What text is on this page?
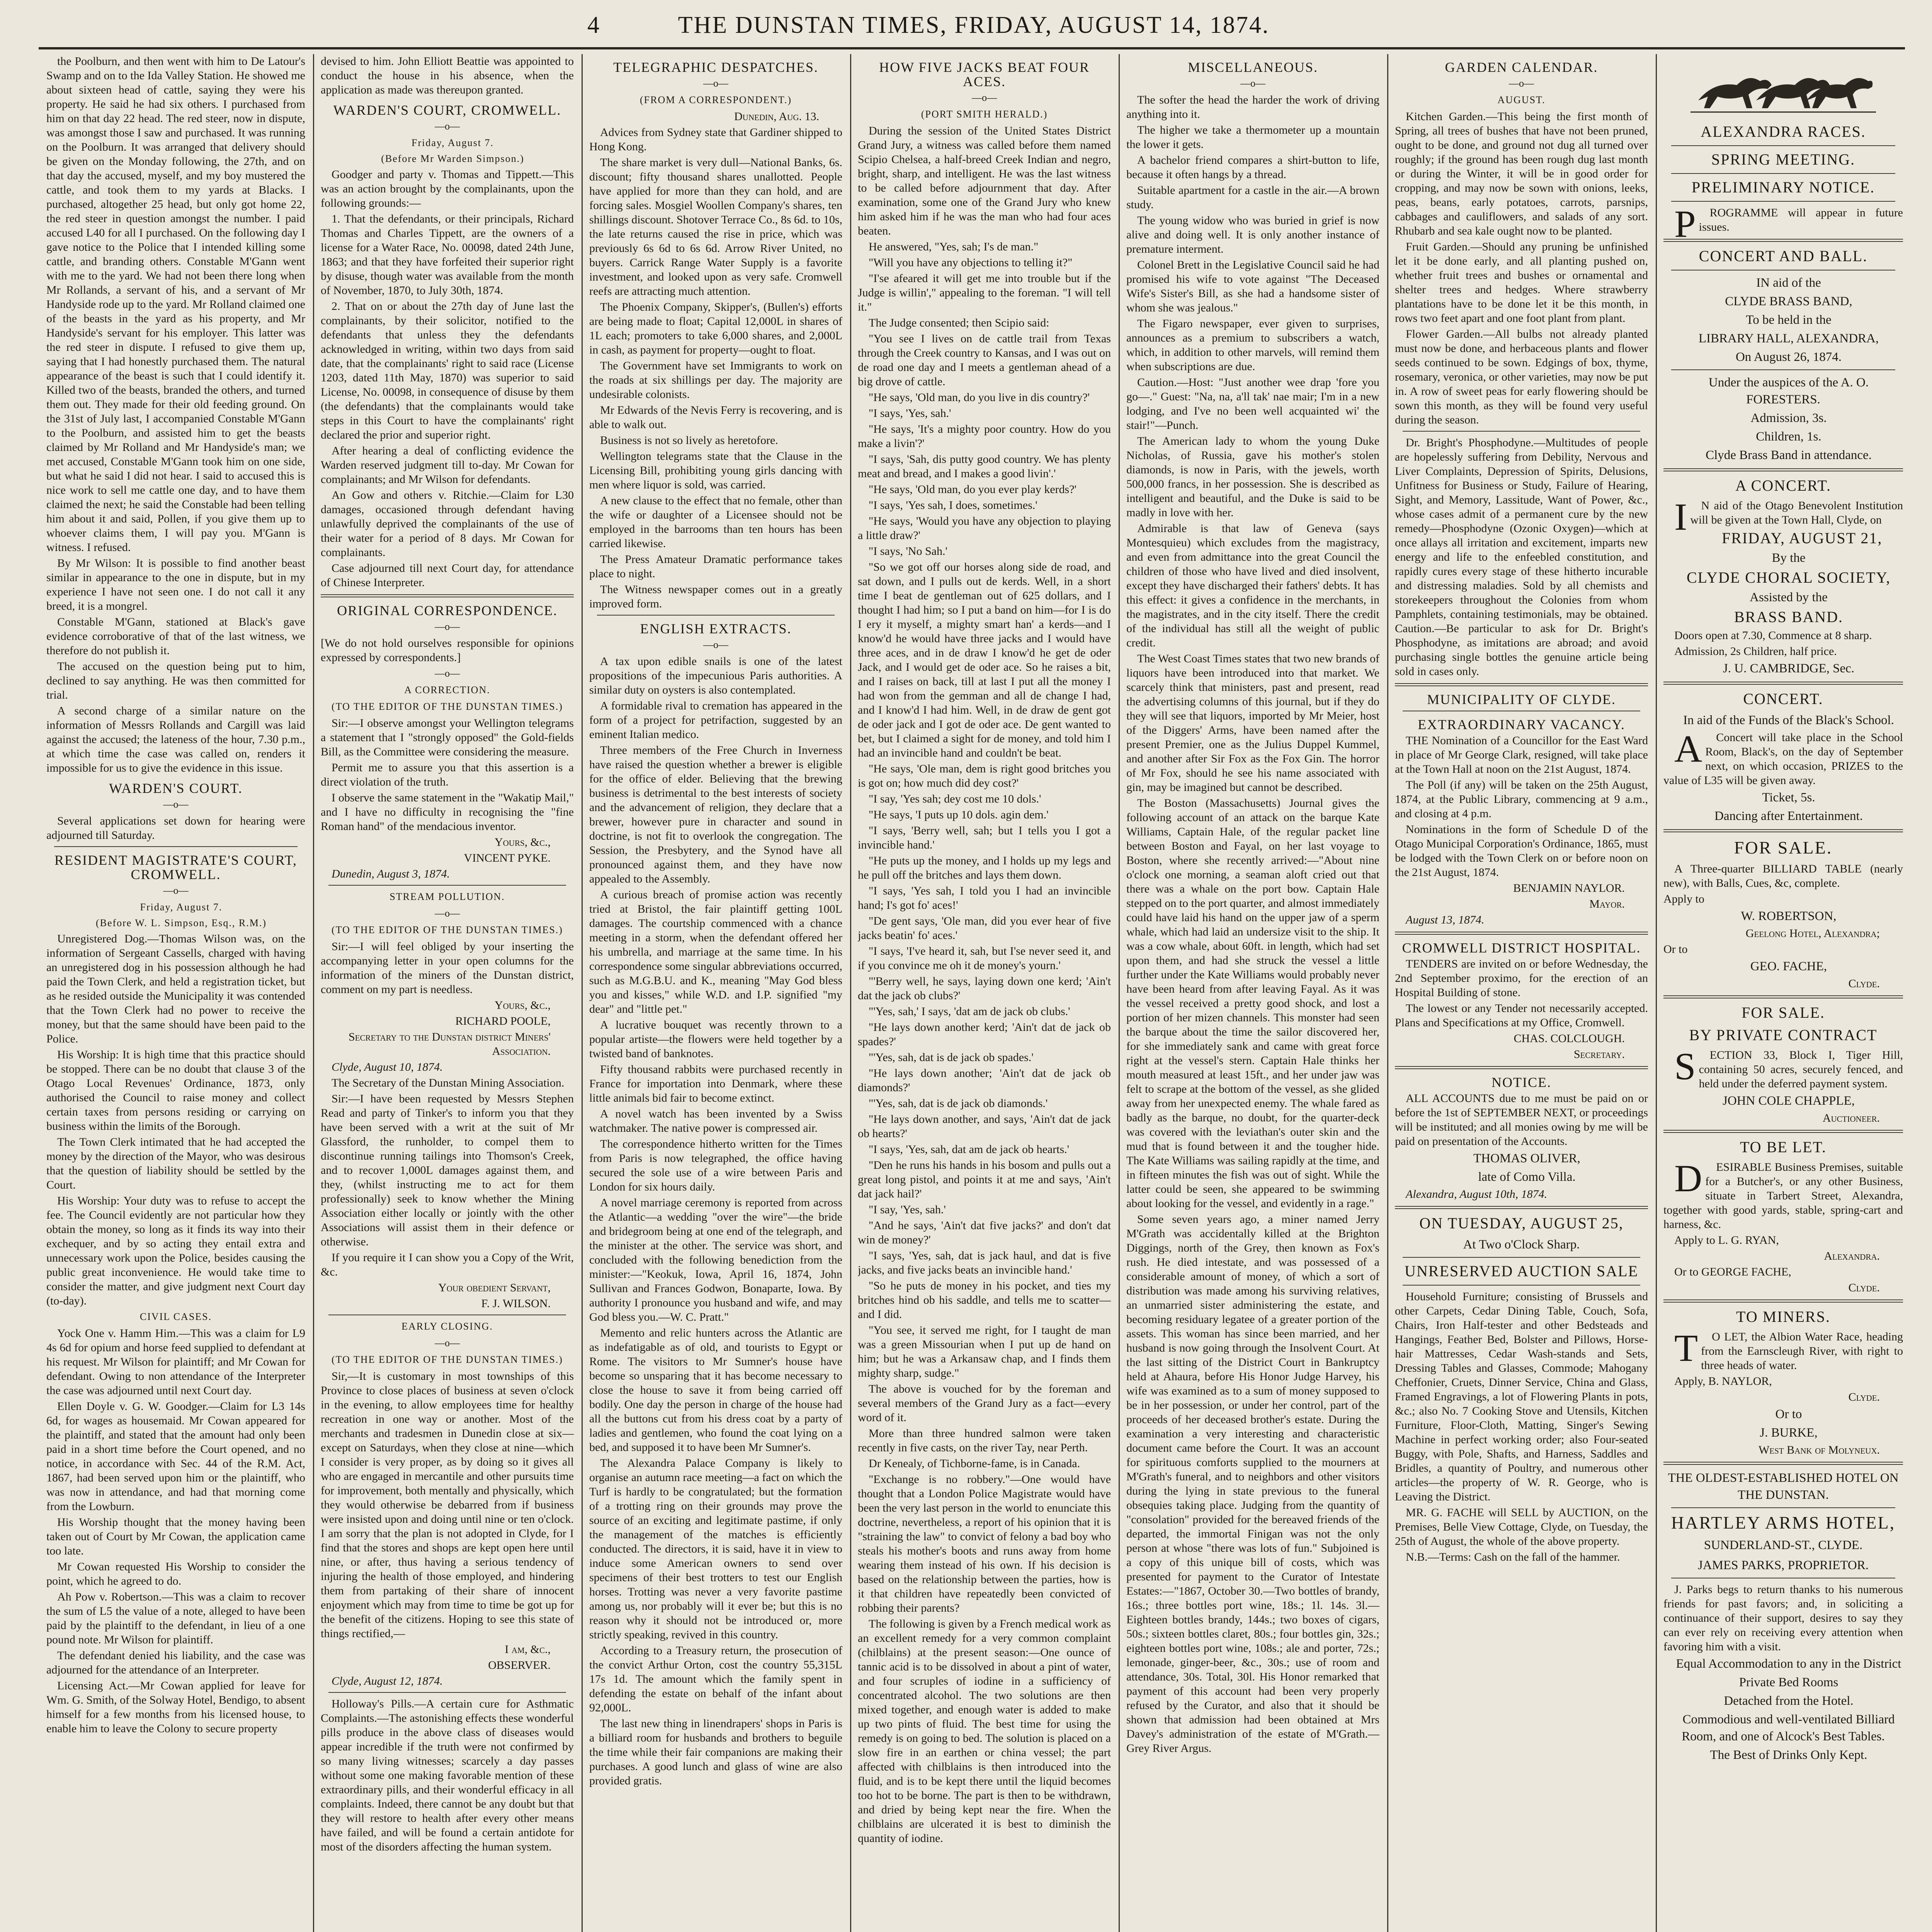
4	THE DUNSTAN TIMES, FRIDAY, AUGUST 14, 1874.

the Poolburn, and then went with him to De Latour's Swamp and on to the Ida Valley Station. He showed me about sixteen head of cattle, saying they were his property. He said he had six others. I purchased from him on that day 22 head. The red steer, now in dispute, was amongst those I saw and purchased. It was running on the Poolburn. It was arranged that delivery should be given on the Monday following, the 27th, and on that day the accused, myself, and my boy mustered the cattle, and took them to my yards at Blacks. I purchased, altogether 25 head, but only got home 22, the red steer in question amongst the number. I paid accused L40 for all I purchased. On the following day I gave notice to the Police that I intended killing some cattle, and branding others. Constable M'Gann went with me to the yard. We had not been there long when Mr Rollands, a servant of his, and a servant of Mr Handyside rode up to the yard. Mr Rolland claimed one of the beasts in the yard as his property, and Mr Handyside's servant for his employer. This latter was the red steer in dispute. I refused to give them up, saying that I had honestly purchased them. The natural appearance of the beast is such that I could identify it. Killed two of the beasts, branded the others, and turned them out. They made for their old feeding ground. On the 31st of July last, I accompanied Constable M'Gann to the Poolburn, and assisted him to get the beasts claimed by Mr Rolland and Mr Handyside's man; we met accused, Constable M'Gann took him on one side, but what he said I did not hear. I said to accused this is nice work to sell me cattle one day, and to have them claimed the next; he said the Constable had been telling him about it and said, Pollen, if you give them up to whoever claims them, I will pay you. M'Gann is witness. I refused.

By Mr Wilson: It is possible to find another beast similar in appearance to the one in dispute, but in my experience I have not seen one. I do not call it any breed, it is a mongrel.

Constable M'Gann, stationed at Black's gave evidence corroborative of that of the last witness, we therefore do not publish it.

The accused on the question being put to him, declined to say anything. He was then committed for trial.

A second charge of a similar nature on the information of Messrs Rollands and Cargill was laid against the accused; the lateness of the hour, 7.30 p.m., at which time the case was called on, renders it impossible for us to give the evidence in this issue.

WARDEN'S COURT.
—o—

Several applications set down for hearing were adjourned till Saturday.

RESIDENT MAGISTRATE'S COURT, CROMWELL.
—o—

Friday, August 7.

(Before W. L. Simpson, Esq., R.M.)

Unregistered Dog.—Thomas Wilson was, on the information of Sergeant Cassells, charged with having an unregistered dog in his possession although he had paid the Town Clerk, and held a registration ticket, but as he resided outside the Municipality it was contended that the Town Clerk had no power to receive the money, but that the same should have been paid to the Police.

His Worship: It is high time that this practice should be stopped. There can be no doubt that clause 3 of the Otago Local Revenues' Ordinance, 1873, only authorised the Council to raise money and collect certain taxes from persons residing or carrying on business within the limits of the Borough.

The Town Clerk intimated that he had accepted the money by the direction of the Mayor, who was desirous that the question of liability should be settled by the Court.

His Worship: Your duty was to refuse to accept the fee. The Council evidently are not particular how they obtain the money, so long as it finds its way into their exchequer, and by so acting they entail extra and unnecessary work upon the Police, besides causing the public great inconvenience. He would take time to consider the matter, and give judgment next Court day (to-day).

CIVIL CASES.

Yock One v. Hamm Him.—This was a claim for L9 4s 6d for opium and horse feed supplied to defendant at his request. Mr Wilson for plaintiff; and Mr Cowan for defendant. Owing to non attendance of the Interpreter the case was adjourned until next Court day.

Ellen Doyle v. G. W. Goodger.—Claim for L3 14s 6d, for wages as housemaid. Mr Cowan appeared for the plaintiff, and stated that the amount had only been paid in a short time before the Court opened, and no notice, in accordance with Sec. 44 of the R.M. Act, 1867, had been served upon him or the plaintiff, who was now in attendance, and had that morning come from the Lowburn.

His Worship thought that the money having been taken out of Court by Mr Cowan, the application came too late.

Mr Cowan requested His Worship to consider the point, which he agreed to do.

Ah Pow v. Robertson.—This was a claim to recover the sum of L5 the value of a note, alleged to have been paid by the plaintiff to the defendant, in lieu of a one pound note. Mr Wilson for plaintiff.

The defendant denied his liability, and the case was adjourned for the attendance of an Interpreter.

Licensing Act.—Mr Cowan applied for leave for Wm. G. Smith, of the Solway Hotel, Bendigo, to absent himself for a few months from his licensed house, to enable him to leave the Colony to secure property

devised to him. John Elliott Beattie was appointed to conduct the house in his absence, when the application as made was thereupon granted.

WARDEN'S COURT, CROMWELL.
—o—

Friday, August 7.

(Before Mr Warden Simpson.)

Goodger and party v. Thomas and Tippett.—This was an action brought by the complainants, upon the following grounds:—

1. That the defendants, or their principals, Richard Thomas and Charles Tippett, are the owners of a license for a Water Race, No. 00098, dated 24th June, 1863; and that they have forfeited their superior right by disuse, though water was available from the month of November, 1870, to July 30th, 1874.

2. That on or about the 27th day of June last the complainants, by their solicitor, notified to the defendants that unless they the defendants acknowledged in writing, within two days from said date, that the complainants' right to said race (License 1203, dated 11th May, 1870) was superior to said License, No. 00098, in consequence of disuse by them (the defendants) that the complainants would take steps in this Court to have the complainants' right declared the prior and superior right.

After hearing a deal of conflicting evidence the Warden reserved judgment till to-day. Mr Cowan for complainants; and Mr Wilson for defendants.

An Gow and others v. Ritchie.—Claim for L30 damages, occasioned through defendant having unlawfully deprived the complainants of the use of their water for a period of 8 days. Mr Cowan for complainants.

Case adjourned till next Court day, for attendance of Chinese Interpreter.

ORIGINAL CORRESPONDENCE.
—o—

[We do not hold ourselves responsible for opinions expressed by correspondents.]

—o—
A CORRECTION.
(TO THE EDITOR OF THE DUNSTAN TIMES.)

Sir:—I observe amongst your Wellington telegrams a statement that I "strongly opposed" the Gold-fields Bill, as the Committee were considering the measure.

Permit me to assure you that this assertion is a direct violation of the truth.

I observe the same statement in the "Wakatip Mail," and I have no difficulty in recognising the "fine Roman hand" of the mendacious inventor.

Yours, &c.,

VINCENT PYKE.

Dunedin, August 3, 1874.

STREAM POLLUTION.
—o—
(TO THE EDITOR OF THE DUNSTAN TIMES.)

Sir:—I will feel obliged by your inserting the accompanying letter in your open columns for the information of the miners of the Dunstan district, comment on my part is needless.

Yours, &c.,

RICHARD POOLE,

Secretary to the Dunstan district Miners' Association.

Clyde, August 10, 1874.

The Secretary of the Dunstan Mining Association.

Sir:—I have been requested by Messrs Stephen Read and party of Tinker's to inform you that they have been served with a writ at the suit of Mr Glassford, the runholder, to compel them to discontinue running tailings into Thomson's Creek, and to recover 1,000L damages against them, and they, (whilst instructing me to act for them professionally) seek to know whether the Mining Association either locally or jointly with the other Associations will assist them in their defence or otherwise.

If you require it I can show you a Copy of the Writ, &c.

Your obedient Servant,

F. J. WILSON.

EARLY CLOSING.
—o—
(TO THE EDITOR OF THE DUNSTAN TIMES.)

Sir,—It is customary in most townships of this Province to close places of business at seven o'clock in the evening, to allow employees time for healthy recreation in one way or another. Most of the merchants and tradesmen in Dunedin close at six—except on Saturdays, when they close at nine—which I consider is very proper, as by doing so it gives all who are engaged in mercantile and other pursuits time for improvement, both mentally and physically, which they would otherwise be debarred from if business were insisted upon and doing until nine or ten o'clock. I am sorry that the plan is not adopted in Clyde, for I find that the stores and shops are kept open here until nine, or after, thus having a serious tendency of injuring the health of those employed, and hindering them from partaking of their share of innocent enjoyment which may from time to time be got up for the benefit of the citizens. Hoping to see this state of things rectified,—

I am, &c.,

OBSERVER.

Clyde, August 12, 1874.

Holloway's Pills.—A certain cure for Asthmatic Complaints.—The astonishing effects these wonderful pills produce in the above class of diseases would appear incredible if the truth were not confirmed by so many living witnesses; scarcely a day passes without some one making favorable mention of these extraordinary pills, and their wonderful efficacy in all complaints. Indeed, there cannot be any doubt but that they will restore to health after every other means have failed, and will be found a certain antidote for most of the disorders affecting the human system.

TELEGRAPHIC DESPATCHES.
—o—
(FROM A CORRESPONDENT.)

Dunedin, Aug. 13.

Advices from Sydney state that Gardiner shipped to Hong Kong.

The share market is very dull—National Banks, 6s. discount; fifty thousand shares unallotted. People have applied for more than they can hold, and are forcing sales. Mosgiel Woollen Company's shares, ten shillings discount. Shotover Terrace Co., 8s 6d. to 10s, the late returns caused the rise in price, which was previously 6s 6d to 6s 6d. Arrow River United, no buyers. Carrick Range Water Supply is a favorite investment, and looked upon as very safe. Cromwell reefs are attracting much attention.

The Phoenix Company, Skipper's, (Bullen's) efforts are being made to float; Capital 12,000L in shares of 1L each; promoters to take 6,000 shares, and 2,000L in cash, as payment for property—ought to float.

The Government have set Immigrants to work on the roads at six shillings per day. The majority are undesirable colonists.

Mr Edwards of the Nevis Ferry is recovering, and is able to walk out.

Business is not so lively as heretofore.

Wellington telegrams state that the Clause in the Licensing Bill, prohibiting young girls dancing with men where liquor is sold, was carried.

A new clause to the effect that no female, other than the wife or daughter of a Licensee should not be employed in the barrooms than ten hours has been carried likewise.

The Press Amateur Dramatic performance takes place to night.

The Witness newspaper comes out in a greatly improved form.

ENGLISH EXTRACTS.
—o—

A tax upon edible snails is one of the latest propositions of the impecunious Paris authorities. A similar duty on oysters is also contemplated.

A formidable rival to cremation has appeared in the form of a project for petrifaction, suggested by an eminent Italian medico.

Three members of the Free Church in Inverness have raised the question whether a brewer is eligible for the office of elder. Believing that the brewing business is detrimental to the best interests of society and the advancement of religion, they declare that a brewer, however pure in character and sound in doctrine, is not fit to overlook the congregation. The Session, the Presbytery, and the Synod have all pronounced against them, and they have now appealed to the Assembly.

A curious breach of promise action was recently tried at Bristol, the fair plaintiff getting 100L damages. The courtship commenced with a chance meeting in a storm, when the defendant offered her his umbrella, and marriage at the same time. In his correspondence some singular abbreviations occurred, such as M.G.B.U. and K., meaning "May God bless you and kisses," while W.D. and I.P. signified "my dear" and "little pet."

A lucrative bouquet was recently thrown to a popular artiste—the flowers were held together by a twisted band of banknotes.

Fifty thousand rabbits were purchased recently in France for importation into Denmark, where these little animals bid fair to become extinct.

A novel watch has been invented by a Swiss watchmaker. The native power is compressed air.

The correspondence hitherto written for the Times from Paris is now telegraphed, the office having secured the sole use of a wire between Paris and London for six hours daily.

A novel marriage ceremony is reported from across the Atlantic—a wedding "over the wire"—the bride and bridegroom being at one end of the telegraph, and the minister at the other. The service was short, and concluded with the following benediction from the minister:—"Keokuk, Iowa, April 16, 1874, John Sullivan and Frances Godwon, Bonaparte, Iowa. By authority I pronounce you husband and wife, and may God bless you.—W. C. Pratt."

Memento and relic hunters across the Atlantic are as indefatigable as of old, and tourists to Egypt or Rome. The visitors to Mr Sumner's house have become so unsparing that it has become necessary to close the house to save it from being carried off bodily. One day the person in charge of the house had all the buttons cut from his dress coat by a party of ladies and gentlemen, who found the coat lying on a bed, and supposed it to have been Mr Sumner's.

The Alexandra Palace Company is likely to organise an autumn race meeting—a fact on which the Turf is hardly to be congratulated; but the formation of a trotting ring on their grounds may prove the source of an exciting and legitimate pastime, if only the management of the matches is efficiently conducted. The directors, it is said, have it in view to induce some American owners to send over specimens of their best trotters to test our English horses. Trotting was never a very favorite pastime among us, nor probably will it ever be; but this is no reason why it should not be introduced or, more strictly speaking, revived in this country.

According to a Treasury return, the prosecution of the convict Arthur Orton, cost the country 55,315L 17s 1d. The amount which the family spent in defending the estate on behalf of the infant about 92,000L.

The last new thing in linendrapers' shops in Paris is a billiard room for husbands and brothers to beguile the time while their fair companions are making their purchases. A good lunch and glass of wine are also provided gratis.

HOW FIVE JACKS BEAT FOUR ACES.
—o—
(PORT SMITH HERALD.)

During the session of the United States District Grand Jury, a witness was called before them named Scipio Chelsea, a half-breed Creek Indian and negro, bright, sharp, and intelligent. He was the last witness to be called before adjournment that day. After examination, some one of the Grand Jury who knew him asked him if he was the man who had four aces beaten.

He answered, "Yes, sah; I's de man."

"Will you have any objections to telling it?"

"I'se afeared it will get me into trouble but if the Judge is willin'," appealing to the foreman. "I will tell it."

The Judge consented; then Scipio said:

"You see I lives on de cattle trail from Texas through the Creek country to Kansas, and I was out on de road one day and I meets a gentleman ahead of a big drove of cattle.

"He says, 'Old man, do you live in dis country?'

"I says, 'Yes, sah.'

"He says, 'It's a mighty poor country. How do you make a livin'?'

"I says, 'Sah, dis putty good country. We has plenty meat and bread, and I makes a good livin'.'

"He says, 'Old man, do you ever play kerds?'

"I says, 'Yes sah, I does, sometimes.'

"He says, 'Would you have any objection to playing a little draw?'

"I says, 'No Sah.'

"So we got off our horses along side de road, and sat down, and I pulls out de kerds. Well, in a short time I beat de gentleman out of 625 dollars, and I thought I had him; so I put a band on him—for I is do I ery it myself, a mighty smart han' a kerds—and I know'd he would have three jacks and I would have three aces, and in de draw I know'd he get de oder Jack, and I would get de oder ace. So he raises a bit, and I raises on back, till at last I put all the money I had won from the gemman and all de change I had, and I know'd I had him. Well, in de draw de gent got de oder jack and I got de oder ace. De gent wanted to bet, but I claimed a sight for de money, and told him I had an invincible hand and couldn't be beat.

"He says, 'Ole man, dem is right good britches you is got on; how much did dey cost?'

"I say, 'Yes sah; dey cost me 10 dols.'

"He says, 'I puts up 10 dols. agin dem.'

"I says, 'Berry well, sah; but I tells you I got a invincible hand.'

"He puts up the money, and I holds up my legs and he pull off the britches and lays them down.

"I says, 'Yes sah, I told you I had an invincible hand; I's got fo' aces!'

"De gent says, 'Ole man, did you ever hear of five jacks beatin' fo' aces.'

"I says, 'I've heard it, sah, but I'se never seed it, and if you convince me oh it de money's yourn.'

"'Berry well, he says, laying down one kerd; 'Ain't dat the jack ob clubs?'

"'Yes, sah,' I says, 'dat am de jack ob clubs.'

"He lays down another kerd; 'Ain't dat de jack ob spades?'

"'Yes, sah, dat is de jack ob spades.'

"He lays down another; 'Ain't dat de jack ob diamonds?'

"'Yes, sah, dat is de jack ob diamonds.'

"He lays down another, and says, 'Ain't dat de jack ob hearts?'

"I says, 'Yes, sah, dat am de jack ob hearts.'

"Den he runs his hands in his bosom and pulls out a great long pistol, and points it at me and says, 'Ain't dat jack hail?'

"I say, 'Yes, sah.'

"And he says, 'Ain't dat five jacks?' and don't dat win de money?'

"I says, 'Yes, sah, dat is jack haul, and dat is five jacks, and five jacks beats an invincible hand.'

"So he puts de money in his pocket, and ties my britches hind ob his saddle, and tells me to scatter—and I did.

"You see, it served me right, for I taught de man was a green Missourian when I put up de hand on him; but he was a Arkansaw chap, and I finds them mighty sharp, sudge."

The above is vouched for by the foreman and several members of the Grand Jury as a fact—every word of it.

More than three hundred salmon were taken recently in five casts, on the river Tay, near Perth.

Dr Kenealy, of Tichborne-fame, is in Canada.

"Exchange is no robbery."—One would have thought that a London Police Magistrate would have been the very last person in the world to enunciate this doctrine, nevertheless, a report of his opinion that it is "straining the law" to convict of felony a bad boy who steals his mother's boots and runs away from home wearing them instead of his own. If his decision is based on the relationship between the parties, how is it that children have repeatedly been convicted of robbing their parents?

The following is given by a French medical work as an excellent remedy for a very common complaint (chilblains) at the present season:—One ounce of tannic acid is to be dissolved in about a pint of water, and four scruples of iodine in a sufficiency of concentrated alcohol. The two solutions are then mixed together, and enough water is added to make up two pints of fluid. The best time for using the remedy is on going to bed. The solution is placed on a slow fire in an earthen or china vessel; the part affected with chilblains is then introduced into the fluid, and is to be kept there until the liquid becomes too hot to be borne. The part is then to be withdrawn, and dried by being kept near the fire. When the chilblains are ulcerated it is best to diminish the quantity of iodine.

MISCELLANEOUS.
—o—

The softer the head the harder the work of driving anything into it.

The higher we take a thermometer up a mountain the lower it gets.

A bachelor friend compares a shirt-button to life, because it often hangs by a thread.

Suitable apartment for a castle in the air.—A brown study.

The young widow who was buried in grief is now alive and doing well. It is only another instance of premature interment.

Colonel Brett in the Legislative Council said he had promised his wife to vote against "The Deceased Wife's Sister's Bill, as she had a handsome sister of whom she was jealous."

The Figaro newspaper, ever given to surprises, announces as a premium to subscribers a watch, which, in addition to other marvels, will remind them when subscriptions are due.

Caution.—Host: "Just another wee drap 'fore you go—." Guest: "Na, na, a'll tak' nae mair; I'm in a new lodging, and I've no been well acquainted wi' the stair!"—Punch.

The American lady to whom the young Duke Nicholas, of Russia, gave his mother's stolen diamonds, is now in Paris, with the jewels, worth 500,000 francs, in her possession. She is described as intelligent and beautiful, and the Duke is said to be madly in love with her.

Admirable is that law of Geneva (says Montesquieu) which excludes from the magistracy, and even from admittance into the great Council the children of those who have lived and died insolvent, except they have discharged their fathers' debts. It has this effect: it gives a confidence in the merchants, in the magistrates, and in the city itself. There the credit of the individual has still all the weight of public credit.

The West Coast Times states that two new brands of liquors have been introduced into that market. We scarcely think that ministers, past and present, read the advertising columns of this journal, but if they do they will see that liquors, imported by Mr Meier, host of the Diggers' Arms, have been named after the present Premier, one as the Julius Duppel Kummel, and another after Sir Fox as the Fox Gin. The horror of Mr Fox, should he see his name associated with gin, may be imagined but cannot be described.

The Boston (Massachusetts) Journal gives the following account of an attack on the barque Kate Williams, Captain Hale, of the regular packet line between Boston and Fayal, on her last voyage to Boston, where she recently arrived:—"About nine o'clock one morning, a seaman aloft cried out that there was a whale on the port bow. Captain Hale stepped on to the port quarter, and almost immediately could have laid his hand on the upper jaw of a sperm whale, which had laid an undersize visit to the ship. It was a cow whale, about 60ft. in length, which had set upon them, and had she struck the vessel a little further under the Kate Williams would probably never have been heard from after leaving Fayal. As it was the vessel received a pretty good shock, and lost a portion of her mizen channels. This monster had seen the barque about the time the sailor discovered her, for she immediately sank and came with great force right at the vessel's stern. Captain Hale thinks her mouth measured at least 15ft., and her under jaw was felt to scrape at the bottom of the vessel, as she glided away from her unexpected enemy. The whale fared as badly as the barque, no doubt, for the quarter-deck was covered with the leviathan's outer skin and the mud that is found between it and the tougher hide. The Kate Williams was sailing rapidly at the time, and in fifteen minutes the fish was out of sight. While the latter could be seen, she appeared to be swimming about looking for the vessel, and evidently in a rage."

Some seven years ago, a miner named Jerry M'Grath was accidentally killed at the Brighton Diggings, north of the Grey, then known as Fox's rush. He died intestate, and was possessed of a considerable amount of money, of which a sort of distribution was made among his surviving relatives, an unmarried sister administering the estate, and becoming residuary legatee of a greater portion of the assets. This woman has since been married, and her husband is now going through the Insolvent Court. At the last sitting of the District Court in Bankruptcy held at Ahaura, before His Honor Judge Harvey, his wife was examined as to a sum of money supposed to be in her possession, or under her control, part of the proceeds of her deceased brother's estate. During the examination a very interesting and characteristic document came before the Court. It was an account for spirituous comforts supplied to the mourners at M'Grath's funeral, and to neighbors and other visitors during the lying in state previous to the funeral obsequies taking place. Judging from the quantity of "consolation" provided for the bereaved friends of the departed, the immortal Finigan was not the only person at whose "there was lots of fun." Subjoined is a copy of this unique bill of costs, which was presented for payment to the Curator of Intestate Estates:—"1867, October 30.—Two bottles of brandy, 16s.; three bottles port wine, 18s.; 1l. 14s. 3l.—Eighteen bottles brandy, 144s.; two boxes of cigars, 50s.; sixteen bottles claret, 80s.; four bottles gin, 32s.; eighteen bottles port wine, 108s.; ale and porter, 72s.; lemonade, ginger-beer, &c., 30s.; use of room and attendance, 30s. Total, 30l. His Honor remarked that payment of this account had been very properly refused by the Curator, and also that it should be shown that admission had been obtained at Mrs Davey's administration of the estate of M'Grath.—Grey River Argus.

GARDEN CALENDAR.
—o—
AUGUST.

Kitchen Garden.—This being the first month of Spring, all trees of bushes that have not been pruned, ought to be done, and ground not dug all turned over roughly; if the ground has been rough dug last month or during the Winter, it will be in good order for cropping, and may now be sown with onions, leeks, peas, beans, early potatoes, carrots, parsnips, cabbages and cauliflowers, and salads of any sort. Rhubarb and sea kale ought now to be planted.

Fruit Garden.—Should any pruning be unfinished let it be done early, and all planting pushed on, whether fruit trees and bushes or ornamental and shelter trees and hedges. Where strawberry plantations have to be done let it be this month, in rows two feet apart and one foot plant from plant.

Flower Garden.—All bulbs not already planted must now be done, and herbaceous plants and flower seeds continued to be sown. Edgings of box, thyme, rosemary, veronica, or other varieties, may now be put in. A row of sweet peas for early flowering should be sown this month, as they will be found very useful during the season.

Dr. Bright's Phosphodyne.—Multitudes of people are hopelessly suffering from Debility, Nervous and Liver Complaints, Depression of Spirits, Delusions, Unfitness for Business or Study, Failure of Hearing, Sight, and Memory, Lassitude, Want of Power, &c., whose cases admit of a permanent cure by the new remedy—Phosphodyne (Ozonic Oxygen)—which at once allays all irritation and excitement, imparts new energy and life to the enfeebled constitution, and rapidly cures every stage of these hitherto incurable and distressing maladies. Sold by all chemists and storekeepers throughout the Colonies from whom Pamphlets, containing testimonials, may be obtained. Caution.—Be particular to ask for Dr. Bright's Phosphodyne, as imitations are abroad; and avoid purchasing single bottles the genuine article being sold in cases only.

MUNICIPALITY OF CLYDE.
EXTRAORDINARY VACANCY.

THE Nomination of a Councillor for the East Ward in place of Mr George Clark, resigned, will take place at the Town Hall at noon on the 21st August, 1874.

The Poll (if any) will be taken on the 25th August, 1874, at the Public Library, commencing at 9 a.m., and closing at 4 p.m.

Nominations in the form of Schedule D of the Otago Municipal Corporation's Ordinance, 1865, must be lodged with the Town Clerk on or before noon on the 21st August, 1874.

BENJAMIN NAYLOR.

Mayor.

August 13, 1874.

CROMWELL DISTRICT HOSPITAL.

TENDERS are invited on or before Wednesday, the 2nd September proximo, for the erection of an Hospital Building of stone.

The lowest or any Tender not necessarily accepted. Plans and Specifications at my Office, Cromwell.

CHAS. COLCLOUGH.

Secretary.

NOTICE.

ALL ACCOUNTS due to me must be paid on or before the 1st of SEPTEMBER NEXT, or proceedings will be instituted; and all monies owing by me will be paid on presentation of the Accounts.

THOMAS OLIVER,

late of Como Villa.

Alexandra, August 10th, 1874.

ON TUESDAY, AUGUST 25,
At Two o'Clock Sharp.
UNRESERVED AUCTION SALE

Household Furniture; consisting of Brussels and other Carpets, Cedar Dining Table, Couch, Sofa, Chairs, Iron Half-tester and other Bedsteads and Hangings, Feather Bed, Bolster and Pillows, Horse-hair Mattresses, Cedar Wash-stands and Sets, Dressing Tables and Glasses, Commode; Mahogany Cheffonier, Cruets, Dinner Service, China and Glass, Framed Engravings, a lot of Flowering Plants in pots, &c.; also No. 7 Cooking Stove and Utensils, Kitchen Furniture, Floor-Cloth, Matting, Singer's Sewing Machine in perfect working order; also Four-seated Buggy, with Pole, Shafts, and Harness, Saddles and Bridles, a quantity of Poultry, and numerous other articles—the property of W. R. George, who is Leaving the District.

MR. G. FACHE will SELL by AUCTION, on the Premises, Belle View Cottage, Clyde, on Tuesday, the 25th of August, the whole of the above property.

N.B.—Terms: Cash on the fall of the hammer.

ALEXANDRA RACES.
SPRING MEETING.
PRELIMINARY NOTICE.

PROGRAMME will appear in future issues.

CONCERT AND BALL.

IN aid of the

CLYDE BRASS BAND,

To be held in the

LIBRARY HALL, ALEXANDRA,

On August 26, 1874.

Under the auspices of the A. O. FORESTERS.

Admission, 3s.

Children, 1s.

Clyde Brass Band in attendance.

A CONCERT.

IN aid of the Otago Benevolent Institution will be given at the Town Hall, Clyde, on

FRIDAY, AUGUST 21,

By the

CLYDE CHORAL SOCIETY,

Assisted by the

BRASS BAND.

Doors open at 7.30, Commence at 8 sharp.

Admission, 2s Children, half price.

J. U. CAMBRIDGE, Sec.

CONCERT.

In aid of the Funds of the Black's School.

AConcert will take place in the School Room, Black's, on the day of September next, on which occasion, PRIZES to the value of L35 will be given away.

Ticket, 5s.

Dancing after Entertainment.

FOR SALE.

A Three-quarter BILLIARD TABLE (nearly new), with Balls, Cues, &c, complete.

Apply to

W. ROBERTSON,

Geelong Hotel, Alexandra;

Or to

GEO. FACHE,

Clyde.

FOR SALE.
BY PRIVATE CONTRACT

SECTION 33, Block I, Tiger Hill, containing 50 acres, securely fenced, and held under the deferred payment system.

JOHN COLE CHAPPLE,

Auctioneer.

TO BE LET.

DESIRABLE Business Premises, suitable for a Butcher's, or any other Business, situate in Tarbert Street, Alexandra, together with good yards, stable, spring-cart and harness, &c.

Apply to L. G. RYAN,

Alexandra.

Or to GEORGE FACHE,

Clyde.

TO MINERS.

TO LET, the Albion Water Race, heading from the Earnscleugh River, with right to three heads of water.

Apply, B. NAYLOR,

Clyde.

Or to

J. BURKE,

West Bank of Molyneux.

THE OLDEST-ESTABLISHED HOTEL ON THE DUNSTAN.
HARTLEY ARMS HOTEL,
SUNDERLAND-ST., CLYDE.
JAMES PARKS, PROPRIETOR.

J. Parks begs to return thanks to his numerous friends for past favors; and, in soliciting a continuance of their support, desires to say they can ever rely on receiving every attention when favoring him with a visit.

Equal Accommodation to any in the District

Private Bed Rooms

Detached from the Hotel.

Commodious and well-ventilated Billiard Room, and one of Alcock's Best Tables.

The Best of Drinks Only Kept.
